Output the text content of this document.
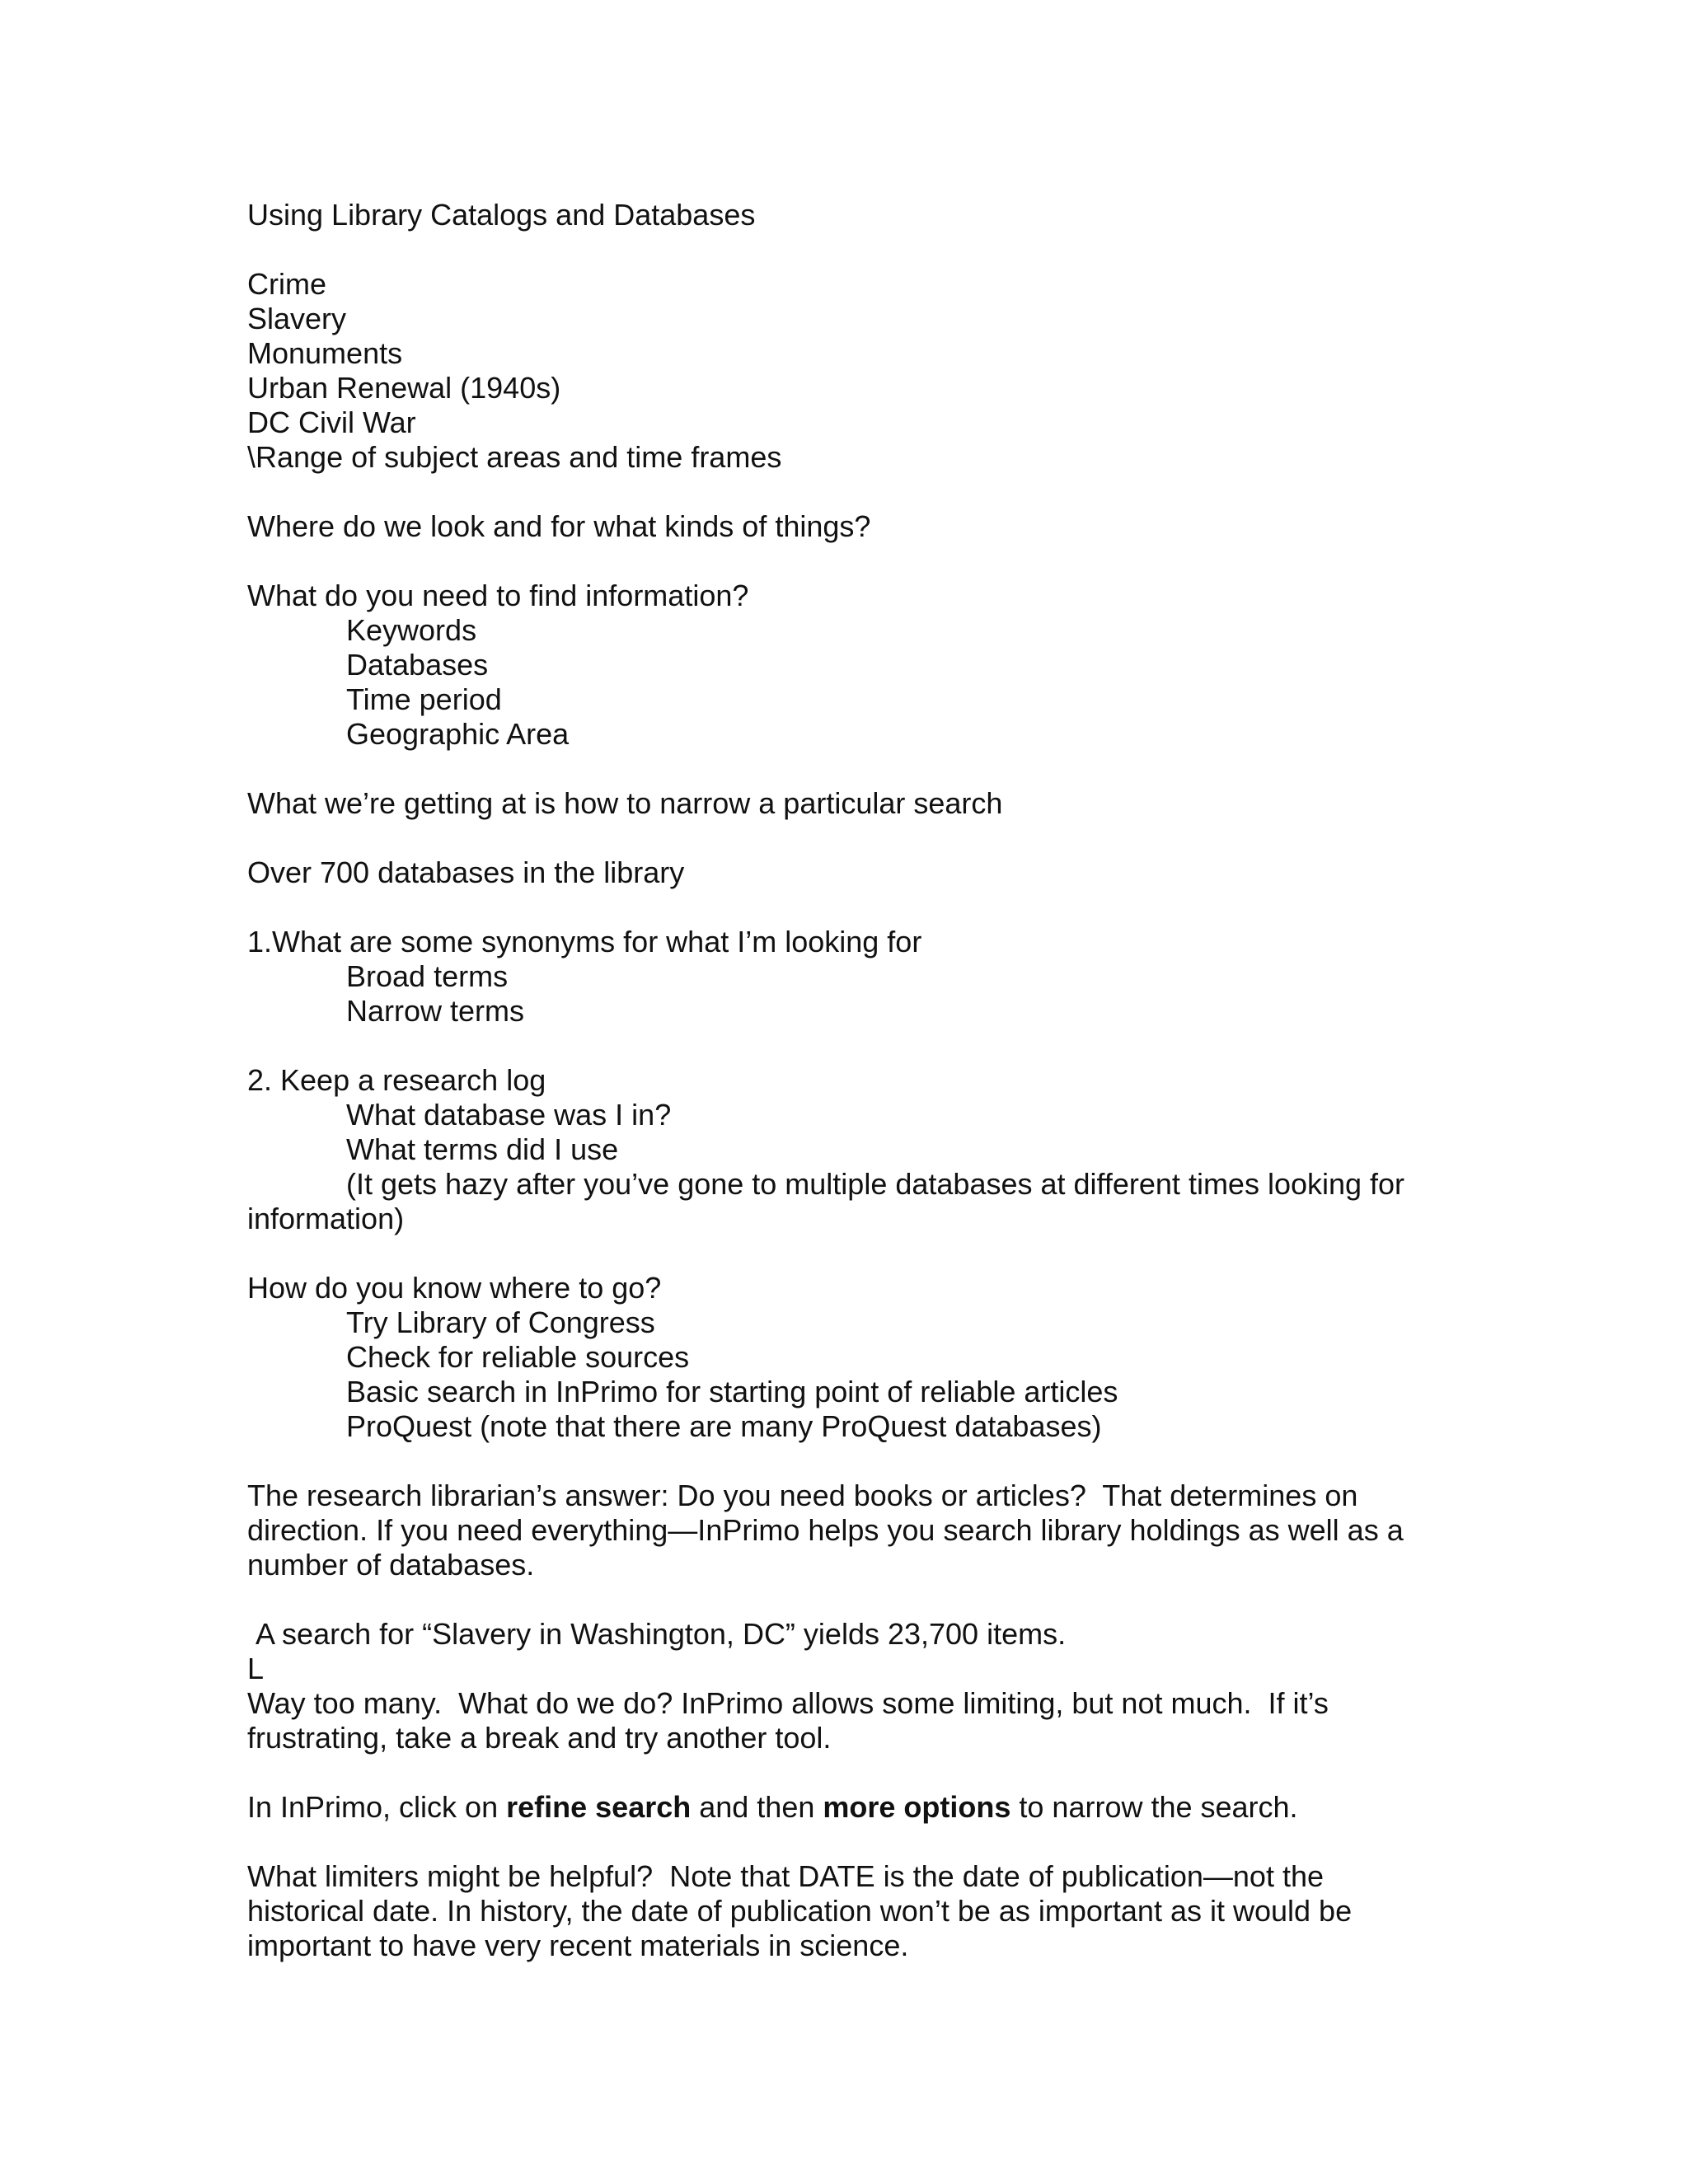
Using Library Catalogs and Databases
Crime
Slavery
Monuments
Urban Renewal (1940s)
DC Civil War
\Range of subject areas and time frames
Where do we look and for what kinds of things?
What do you need to find information?
Keywords
Databases
Time period
Geographic Area
What we’re getting at is how to narrow a particular search
Over 700 databases in the library
1.What are some synonyms for what I’m looking for
Broad terms
Narrow terms
2. Keep a research log
What database was I in?
What terms did I use
(It gets hazy after you’ve gone to multiple databases at different times looking for
information)
How do you know where to go?
Try Library of Congress
Check for reliable sources
Basic search in InPrimo for starting point of reliable articles
ProQuest (note that there are many ProQuest databases)
The research librarian’s answer: Do you need books or articles?  That determines on
direction. If you need everything—InPrimo helps you search library holdings as well as a
number of databases.
A search for “Slavery in Washington, DC” yields 23,700 items.
L
Way too many.  What do we do? InPrimo allows some limiting, but not much.  If it’s
frustrating, take a break and try another tool.
In InPrimo, click on refine search and then more options to narrow the search.
What limiters might be helpful?  Note that DATE is the date of publication—not the
historical date. In history, the date of publication won’t be as important as it would be
important to have very recent materials in science.
